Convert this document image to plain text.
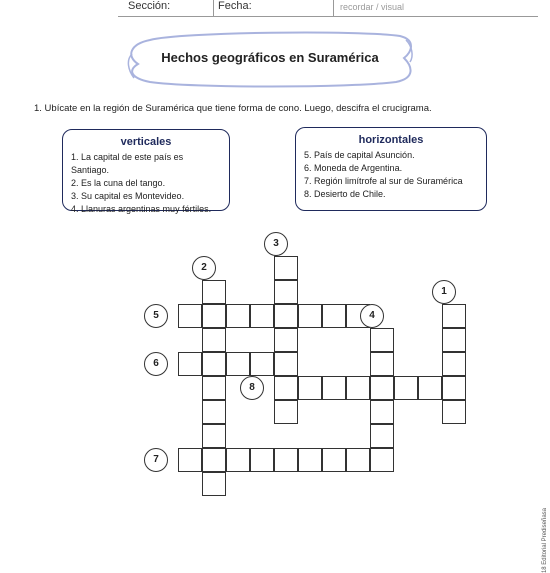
Sección:	Fecha:	recordar / visual
Hechos geográficos en Suramérica
1. Ubícate en la región de Suramérica que tiene forma de cono. Luego, descifra el crucigrama.
verticales
1. La capital de este país es Santiago.
2. Es la cuna del tango.
3. Su capital es Montevideo.
4. Llanuras argentinas muy fértiles.
horizontales
5. País de capital Asunción.
6. Moneda de Argentina.
7. Región limítrofe al sur de Suramérica
8. Desierto de Chile.
1
2
3
4
5
6
7
8
18 Editorial Prediseñasa
